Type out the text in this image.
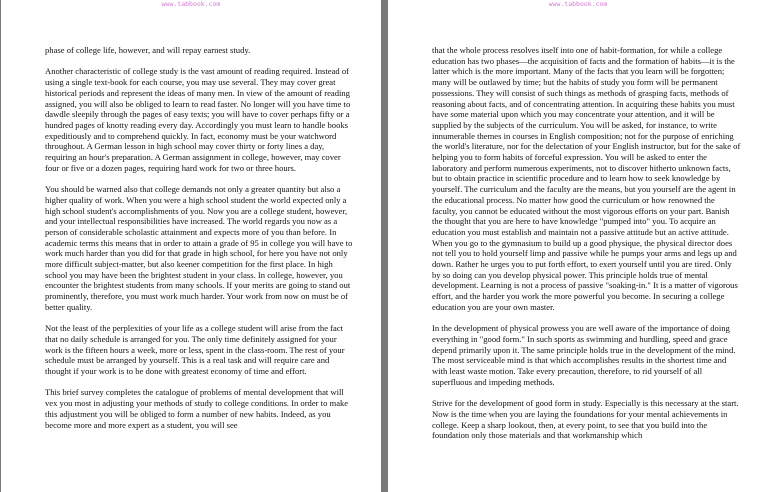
www.tabbook.com

phase of college life, however, and will repay earnest study.

Another characteristic of college study is the vast amount of reading required. Instead of using a single text-book for each course, you may use several. They may cover great historical periods and represent the ideas of many men. In view of the amount of reading assigned, you will also be obliged to learn to read faster. No longer will you have time to dawdle sleepily through the pages of easy texts; you will have to cover perhaps fifty or a hundred pages of knotty reading every day. Accordingly you must learn to handle books expeditiously and to comprehend quickly. In fact, economy must be your watchword throughout. A German lesson in high school may cover thirty or forty lines a day, requiring an hour's preparation. A German assignment in college, however, may cover four or five or a dozen pages, requiring hard work for two or three hours.

You should be warned also that college demands not only a greater quantity but also a higher quality of work. When you were a high school student the world expected only a high school student's accomplishments of you. Now you are a college student, however, and your intellectual responsibilities have increased. The world regards you now as a person of considerable scholastic attainment and expects more of you than before. In academic terms this means that in order to attain a grade of 95 in college you will have to work much harder than you did for that grade in high school, for here you have not only more difficult subject-matter, but also keener competition for the first place. In high school you may have been the brightest student in your class. In college, however, you encounter the brightest students from many schools. If your merits are going to stand out prominently, therefore, you must work much harder. Your work from now on must be of better quality.

Not the least of the perplexities of your life as a college student will arise from the fact that no daily schedule is arranged for you. The only time definitely assigned for your work is the fifteen hours a week, more or less, spent in the class-room. The rest of your schedule must be arranged by yourself. This is a real task and will require care and thought if your work is to be done with greatest economy of time and effort.

This brief survey completes the catalogue of problems of mental development that will vex you most in adjusting your methods of study to college conditions. In order to make this adjustment you will be obliged to form a number of new habits. Indeed, as you become more and more expert as a student, you will see

www.tabbook.com

that the whole process resolves itself into one of habit-formation, for while a college education has two phases—the acquisition of facts and the formation of habits—it is the latter which is the more important. Many of the facts that you learn will be forgotten; many will be outlawed by time; but the habits of study you form will be permanent possessions. They will consist of such things as methods of grasping facts, methods of reasoning about facts, and of concentrating attention. In acquiring these habits you must have some material upon which you may concentrate your attention, and it will be supplied by the subjects of the curriculum. You will be asked, for instance, to write innumerable themes in courses in English composition; not for the purpose of enriching the world's literature, nor for the delectation of your English instructor, but for the sake of helping you to form habits of forceful expression. You will be asked to enter the laboratory and perform numerous experiments, not to discover hitherto unknown facts, but to obtain practice in scientific procedure and to learn how to seek knowledge by yourself. The curriculum and the faculty are the means, but you yourself are the agent in the educational process. No matter how good the curriculum or how renowned the faculty, you cannot be educated without the most vigorous efforts on your part. Banish the thought that you are here to have knowledge "pumped into" you. To acquire an education you must establish and maintain not a passive attitude but an active attitude. When you go to the gymnasium to build up a good physique, the physical director does not tell you to hold yourself limp and passive while he pumps your arms and legs up and down. Rather he urges you to put forth effort, to exert yourself until you are tired. Only by so doing can you develop physical power. This principle holds true of mental development. Learning is not a process of passive "soaking-in." It is a matter of vigorous effort, and the harder you work the more powerful you become. In securing a college education you are your own master.

In the development of physical prowess you are well aware of the importance of doing everything in "good form." In such sports as swimming and hurdling, speed and grace depend primarily upon it. The same principle holds true in the development of the mind. The most serviceable mind is that which accomplishes results in the shortest time and with least waste motion. Take every precaution, therefore, to rid yourself of all superfluous and impeding methods.

Strive for the development of good form in study. Especially is this necessary at the start. Now is the time when you are laying the foundations for your mental achievements in college. Keep a sharp lookout, then, at every point, to see that you build into the foundation only those materials and that workmanship which
